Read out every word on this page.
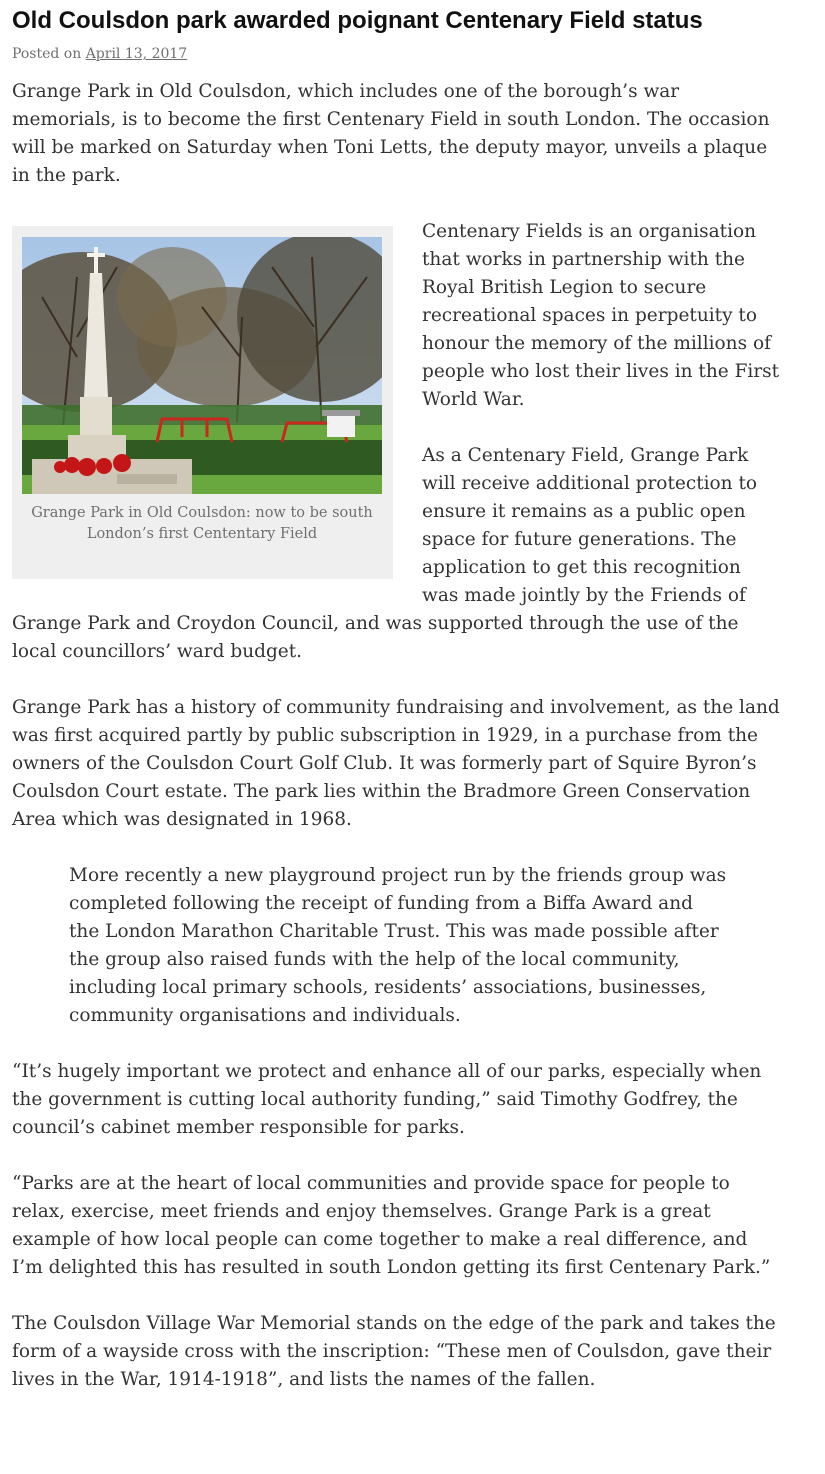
Old Coulsdon park awarded poignant Centenary Field status
Posted on April 13, 2017

Grange Park in Old Coulsdon, which includes one of the borough’s war memorials, is to become the first Centenary Field in south London. The occasion will be marked on Saturday when Toni Letts, the deputy mayor, unveils a plaque in the park.

Grange Park in Old Coulsdon: now to be south London’s first Cententary Field

Centenary Fields is an organisation that works in partnership with the Royal British Legion to secure recreational spaces in perpetuity to honour the memory of the millions of people who lost their lives in the First World War.

As a Centenary Field, Grange Park will receive additional protection to ensure it remains as a public open space for future generations. The application to get this recognition was made jointly by the Friends of Grange Park and Croydon Council, and was supported through the use of the local councillors’ ward budget.

Grange Park has a history of community fundraising and involvement, as the land was first acquired partly by public subscription in 1929, in a purchase from the owners of the Coulsdon Court Golf Club. It was formerly part of Squire Byron’s Coulsdon Court estate. The park lies within the Bradmore Green Conservation Area which was designated in 1968.

More recently a new playground project run by the friends group was completed following the receipt of funding from a Biffa Award and the London Marathon Charitable Trust. This was made possible after the group also raised funds with the help of the local community, including local primary schools, residents’ associations, businesses, community organisations and individuals.

“It’s hugely important we protect and enhance all of our parks, especially when the government is cutting local authority funding,” said Timothy Godfrey, the council’s cabinet member responsible for parks.

“Parks are at the heart of local communities and provide space for people to relax, exercise, meet friends and enjoy themselves. Grange Park is a great example of how local people can come together to make a real difference, and I’m delighted this has resulted in south London getting its first Centenary Park.”

The Coulsdon Village War Memorial stands on the edge of the park and takes the form of a wayside cross with the inscription: “These men of Coulsdon, gave their lives in the War, 1914-1918”, and lists the names of the fallen.
